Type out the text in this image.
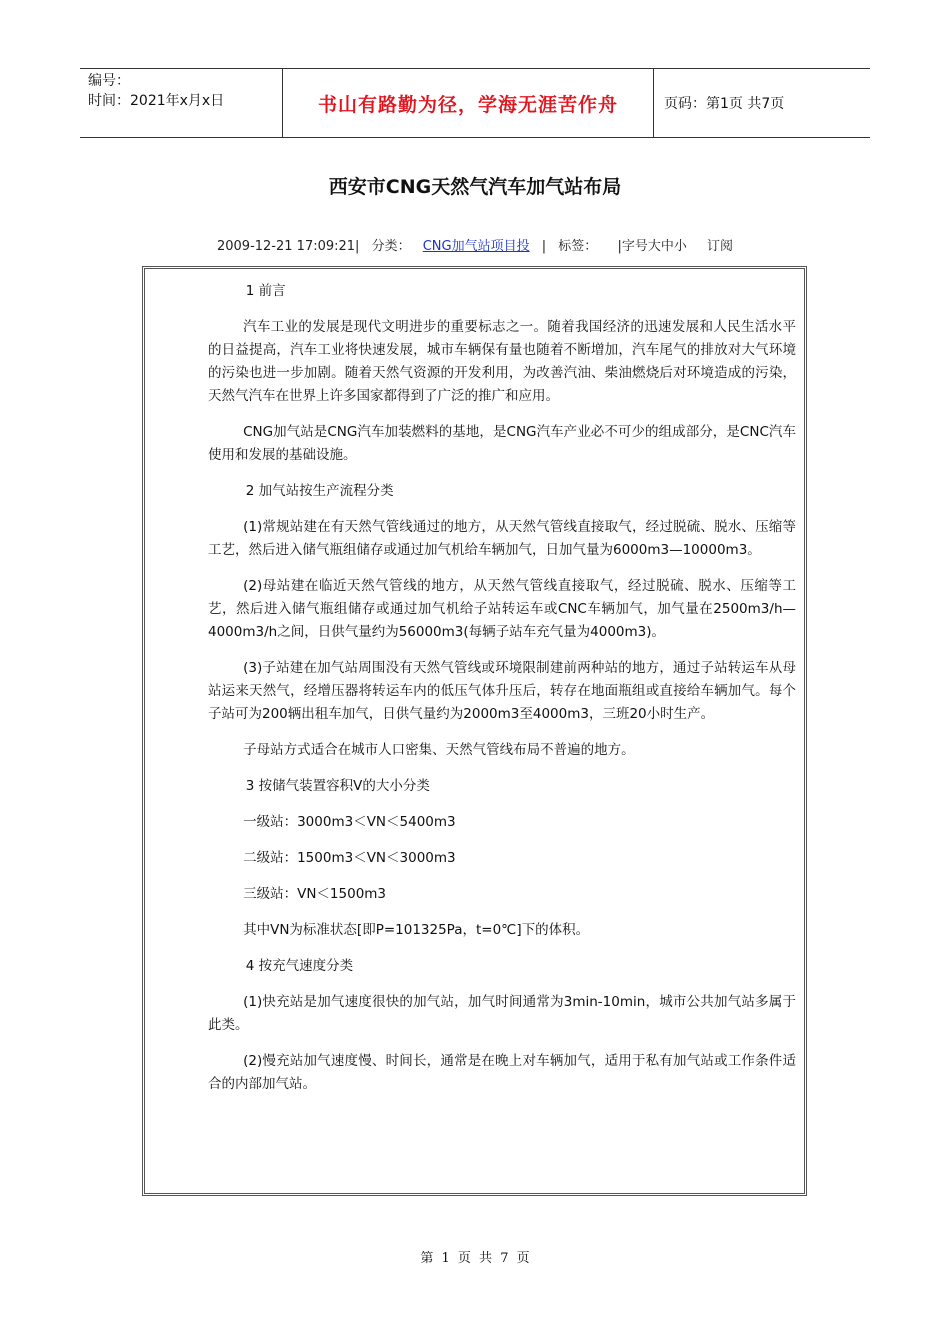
编号：
时间：2021年x月x日	书山有路勤为径，学海无涯苦作舟	页码：第1页 共7页
西安市CNG天然气汽车加气站布局
2009-12-21 17:09:21| 分类： CNG加气站项目投 | 标签： |字号大中小 订阅

1 前言

汽车工业的发展是现代文明进步的重要标志之一。随着我国经济的迅速发展和人民生活水平的日益提高，汽车工业将快速发展，城市车辆保有量也随着不断增加，汽车尾气的排放对大气环境的污染也进一步加剧。随着天然气资源的开发利用，为改善汽油、柴油燃烧后对环境造成的污染，天然气汽车在世界上许多国家都得到了广泛的推广和应用。

CNG加气站是CNG汽车加装燃料的基地，是CNG汽车产业必不可少的组成部分，是CNC汽车使用和发展的基础设施。

2 加气站按生产流程分类

(1)常规站建在有天然气管线通过的地方，从天然气管线直接取气，经过脱硫、脱水、压缩等工艺，然后进入储气瓶组储存或通过加气机给车辆加气，日加气量为6000m3—10000m3。

(2)母站建在临近天然气管线的地方，从天然气管线直接取气，经过脱硫、脱水、压缩等工艺，然后进入储气瓶组储存或通过加气机给子站转运车或CNC车辆加气，加气量在2500m3/h—4000m3/h之间，日供气量约为56000m3(每辆子站车充气量为4000m3)。

(3)子站建在加气站周围没有天然气管线或环境限制建前两种站的地方，通过子站转运车从母站运来天然气，经增压器将转运车内的低压气体升压后，转存在地面瓶组或直接给车辆加气。每个子站可为200辆出租车加气，日供气量约为2000m3至4000m3，三班20小时生产。

子母站方式适合在城市人口密集、天然气管线布局不普遍的地方。

3 按储气装置容积V的大小分类

一级站：3000m3＜VN＜5400m3

二级站：1500m3＜VN＜3000m3

三级站：VN＜1500m3

其中VN为标准状态[即P=101325Pa，t=0℃]下的体积。

4 按充气速度分类

(1)快充站是加气速度很快的加气站，加气时间通常为3min-10min，城市公共加气站多属于此类。

(2)慢充站加气速度慢、时间长，通常是在晚上对车辆加气，适用于私有加气站或工作条件适合的内部加气站。

第 1 页 共 7 页
